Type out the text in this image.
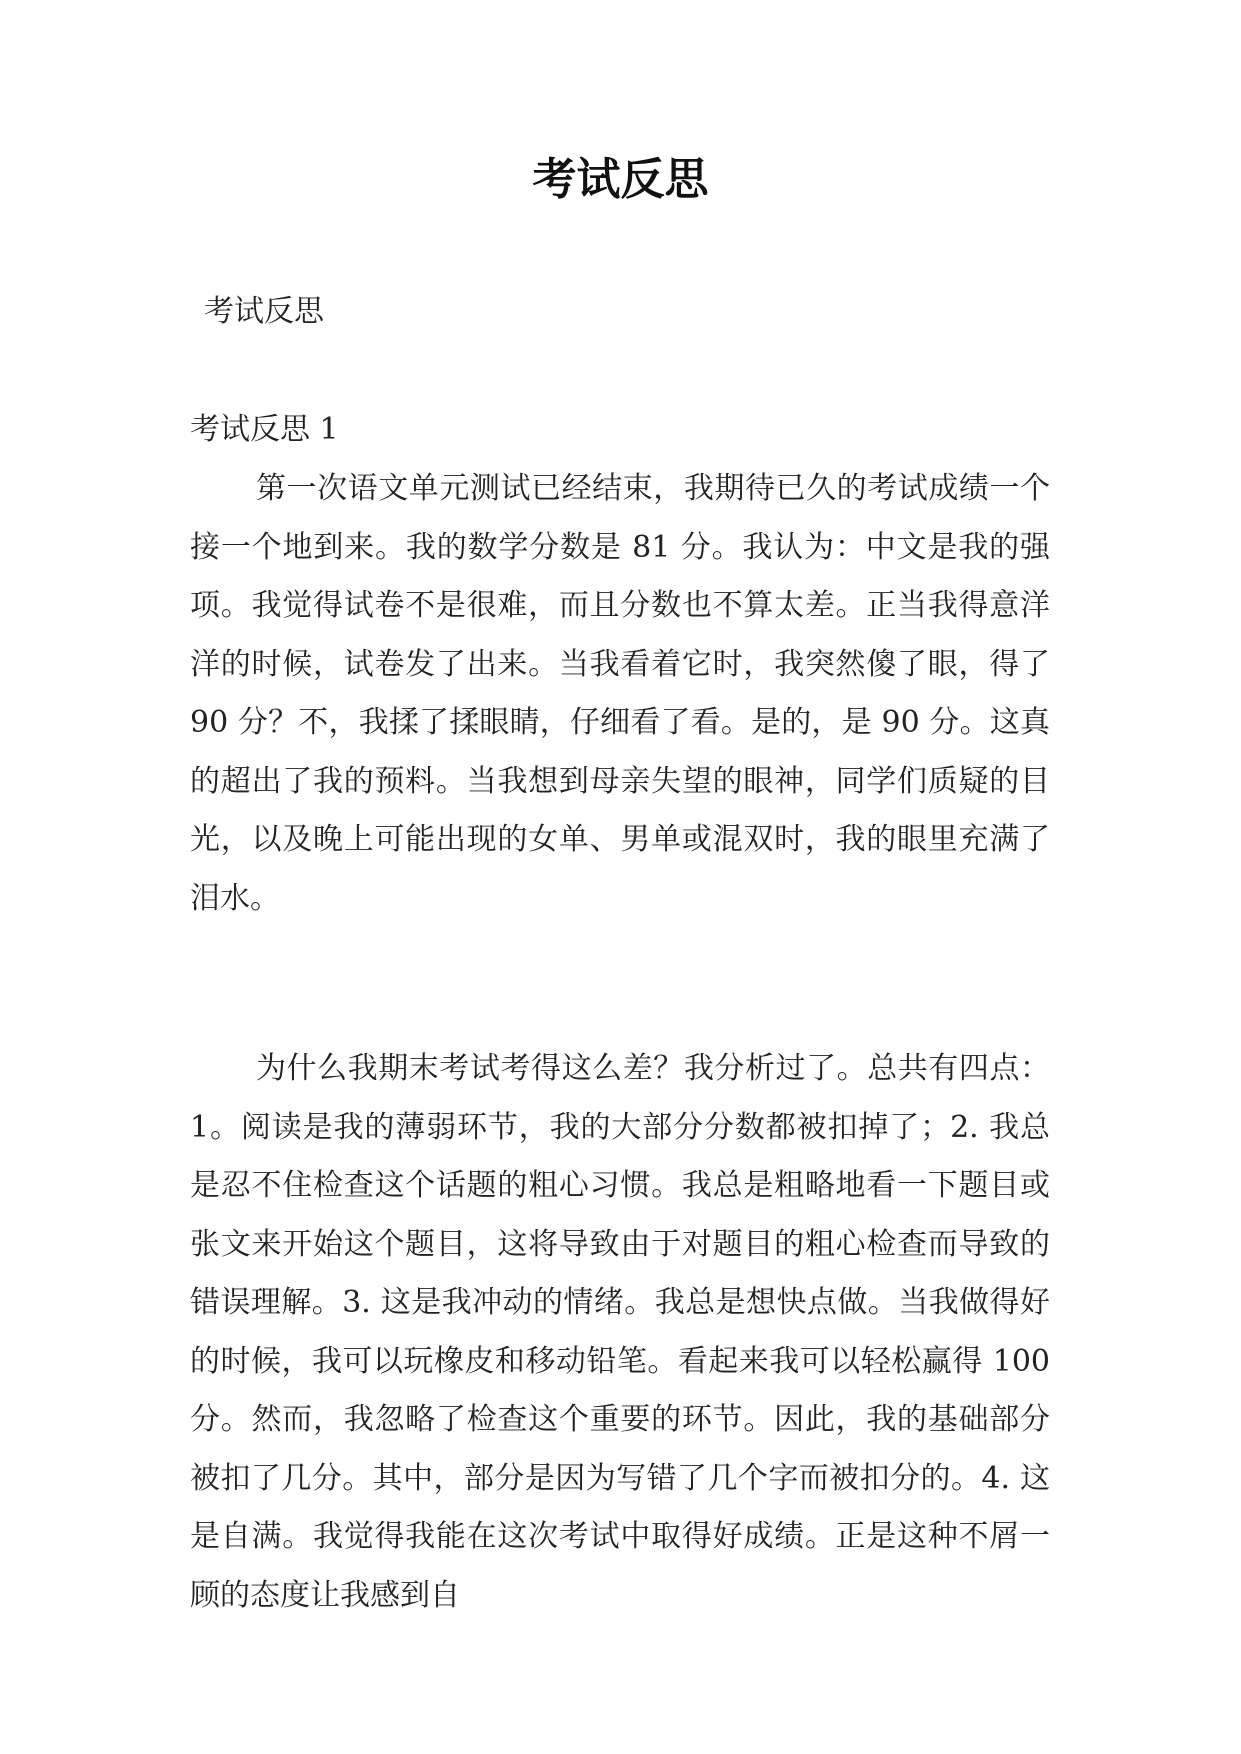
考试反思
考试反思
考试反思 1

第一次语文单元测试已经结束，我期待已久的考试成绩一个接一个地到来。我的数学分数是 81 分。我认为：中文是我的强项。我觉得试卷不是很难，而且分数也不算太差。正当我得意洋洋的时候，试卷发了出来。当我看着它时，我突然傻了眼，得了 90 分？不，我揉了揉眼睛，仔细看了看。是的，是 90 分。这真的超出了我的预料。当我想到母亲失望的眼神，同学们质疑的目光，以及晚上可能出现的女单、男单或混双时，我的眼里充满了泪水。

为什么我期末考试考得这么差？我分析过了。总共有四点：1。阅读是我的薄弱环节，我的大部分分数都被扣掉了；2. 我总是忍不住检查这个话题的粗心习惯。我总是粗略地看一下题目或张文来开始这个题目，这将导致由于对题目的粗心检查而导致的错误理解。3. 这是我冲动的情绪。我总是想快点做。当我做得好的时候，我可以玩橡皮和移动铅笔。看起来我可以轻松赢得 100 分。然而，我忽略了检查这个重要的环节。因此，我的基础部分被扣了几分。其中，部分是因为写错了几个字而被扣分的。4. 这是自满。我觉得我能在这次考试中取得好成绩。正是这种不屑一顾的态度让我感到自
